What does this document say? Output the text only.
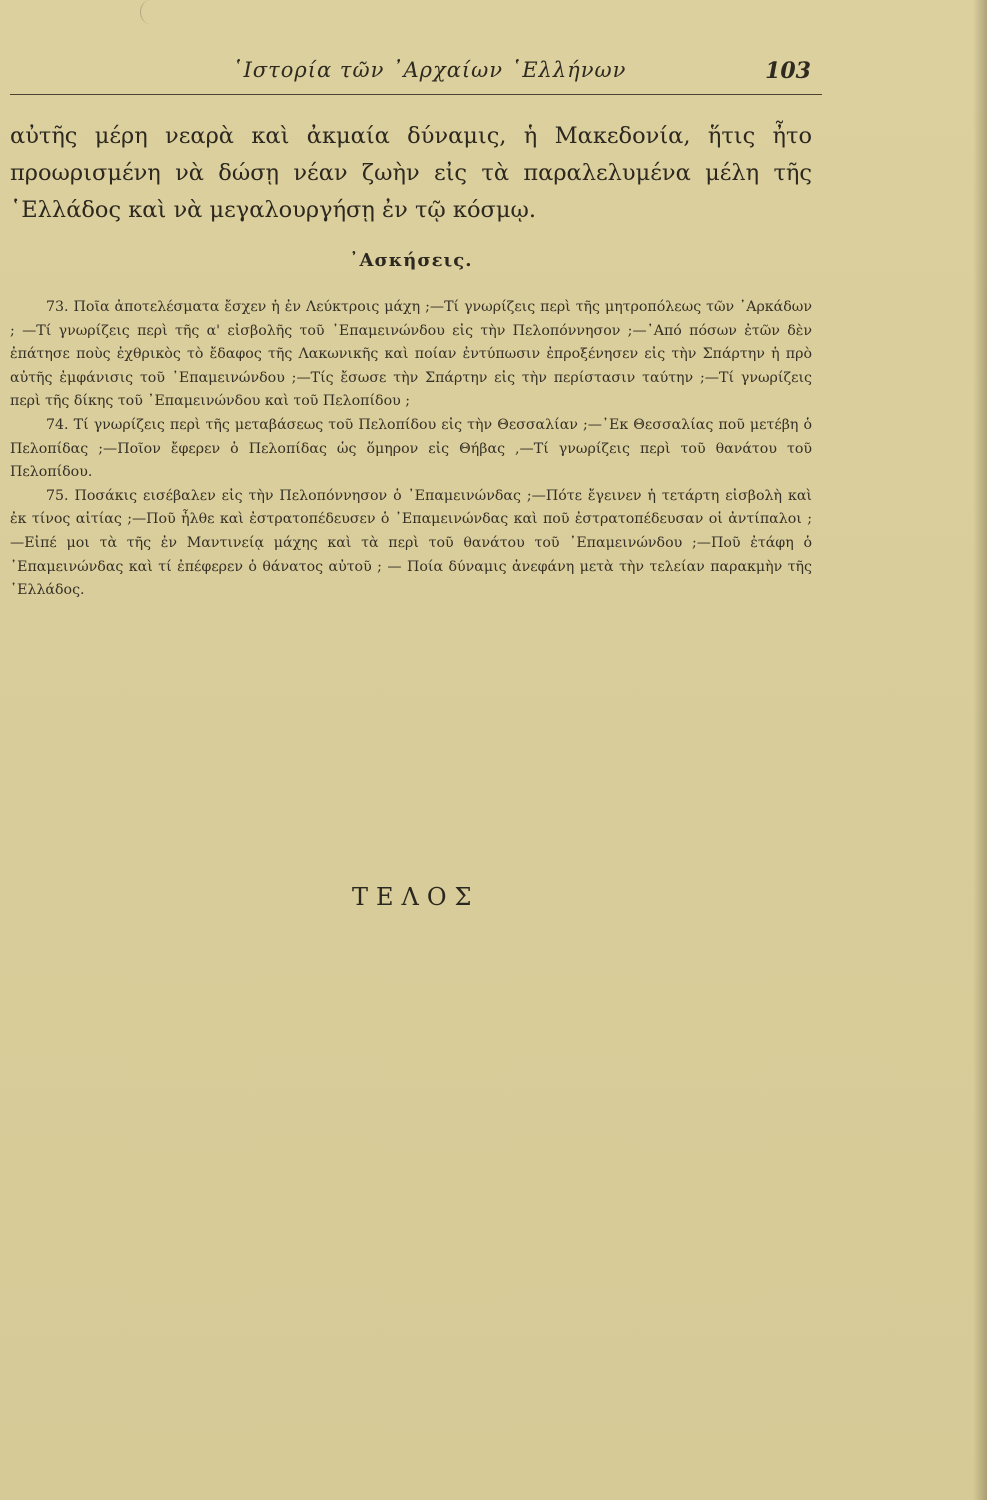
῾Ιστορία τῶν ᾽Αρχαίων ῾Ελλήνων	103
αὐτῆς μέρη νεαρὰ καὶ ἀκμαία δύναμις, ἡ Μακεδονία, ἥτις ἦτο προωρισμένη νὰ δώσῃ νέαν ζωὴν εἰς τὰ παραλελυμένα μέλη τῆς ῾Ελλάδος καὶ νὰ μεγαλουργήσῃ ἐν τῷ κόσμῳ.
᾽Ασκήσεις.

73. Ποῖα ἀποτελέσματα ἔσχεν ἡ ἐν Λεύκτροις μάχη ;—Τί γνωρίζεις περὶ τῆς μητροπόλεως τῶν ᾽Αρκάδων ; —Τί γνωρίζεις περὶ τῆς α' εἰσβολῆς τοῦ ᾽Επαμεινώνδου εἰς τὴν Πελοπόννησον ;—᾽Από πόσων ἐτῶν δὲν ἐπάτησε ποὺς ἐχθρικὸς τὸ ἔδαφος τῆς Λακωνικῆς καὶ ποίαν ἐντύπωσιν ἐπροξένησεν εἰς τὴν Σπάρτην ἡ πρὸ αὐτῆς ἐμφάνισις τοῦ ᾽Επαμεινώνδου ;—Τίς ἔσωσε τὴν Σπάρτην εἰς τὴν περίστασιν ταύτην ;—Τί γνωρίζεις περὶ τῆς δίκης τοῦ ᾽Επαμεινώνδου καὶ τοῦ Πελοπίδου ;

74. Τί γνωρίζεις περὶ τῆς μεταβάσεως τοῦ Πελοπίδου εἰς τὴν Θεσσαλίαν ;—᾽Εκ Θεσσαλίας ποῦ μετέβη ὁ Πελοπίδας ;—Ποῖον ἔφερεν ὁ Πελοπίδας ὡς ὅμηρον εἰς Θήβας ,—Τί γνωρίζεις περὶ τοῦ θανάτου τοῦ Πελοπίδου.

75. Ποσάκις εισέβαλεν εἰς τὴν Πελοπόννησον ὁ ᾽Επαμεινώνδας ;—Πότε ἔγεινεν ἡ τετάρτη εἰσβολὴ καὶ ἐκ τίνος αἰτίας ;—Ποῦ ἦλθε καὶ ἐστρατοπέδευσεν ὁ ᾽Επαμεινώνδας καὶ ποῦ ἐστρατοπέδευσαν οἱ ἀντίπαλοι ;—Εἰπέ μοι τὰ τῆς ἐν Μαντινείᾳ μάχης καὶ τὰ περὶ τοῦ θανάτου τοῦ ᾽Επαμεινώνδου ;—Ποῦ ἐτάφη ὁ ᾽Επαμεινώνδας καὶ τί ἐπέφερεν ὁ θάνατος αὐτοῦ ; — Ποία δύναμις ἀνεφάνη μετὰ τὴν τελείαν παρακμὴν τῆς ῾Ελλάδος.

ΤΕΛΟΣ
